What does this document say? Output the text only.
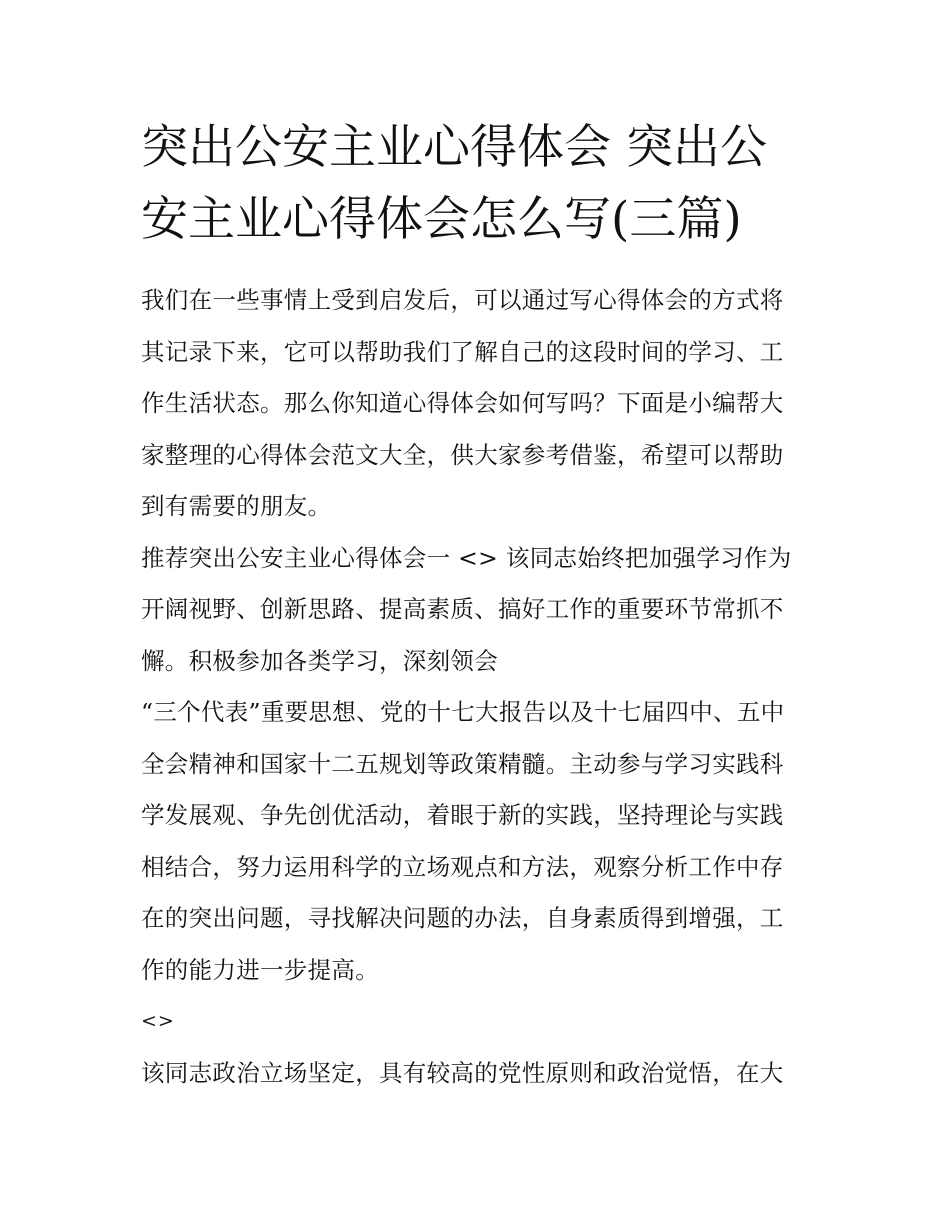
突出公安主业心得体会 突出公
安主业心得体会怎么写(三篇)
我们在一些事情上受到启发后，可以通过写心得体会的方式将
其记录下来，它可以帮助我们了解自己的这段时间的学习、工
作生活状态。那么你知道心得体会如何写吗？下面是小编帮大
家整理的心得体会范文大全，供大家参考借鉴，希望可以帮助
到有需要的朋友。
推荐突出公安主业心得体会一 <> 该同志始终把加强学习作为
开阔视野、创新思路、提高素质、搞好工作的重要环节常抓不
懈。积极参加各类学习，深刻领会
“三个代表”重要思想、党的十七大报告以及十七届四中、五中
全会精神和国家十二五规划等政策精髓。主动参与学习实践科
学发展观、争先创优活动，着眼于新的实践，坚持理论与实践
相结合，努力运用科学的立场观点和方法，观察分析工作中存
在的突出问题，寻找解决问题的办法，自身素质得到增强，工
作的能力进一步提高。
<>
该同志政治立场坚定，具有较高的党性原则和政治觉悟，在大
